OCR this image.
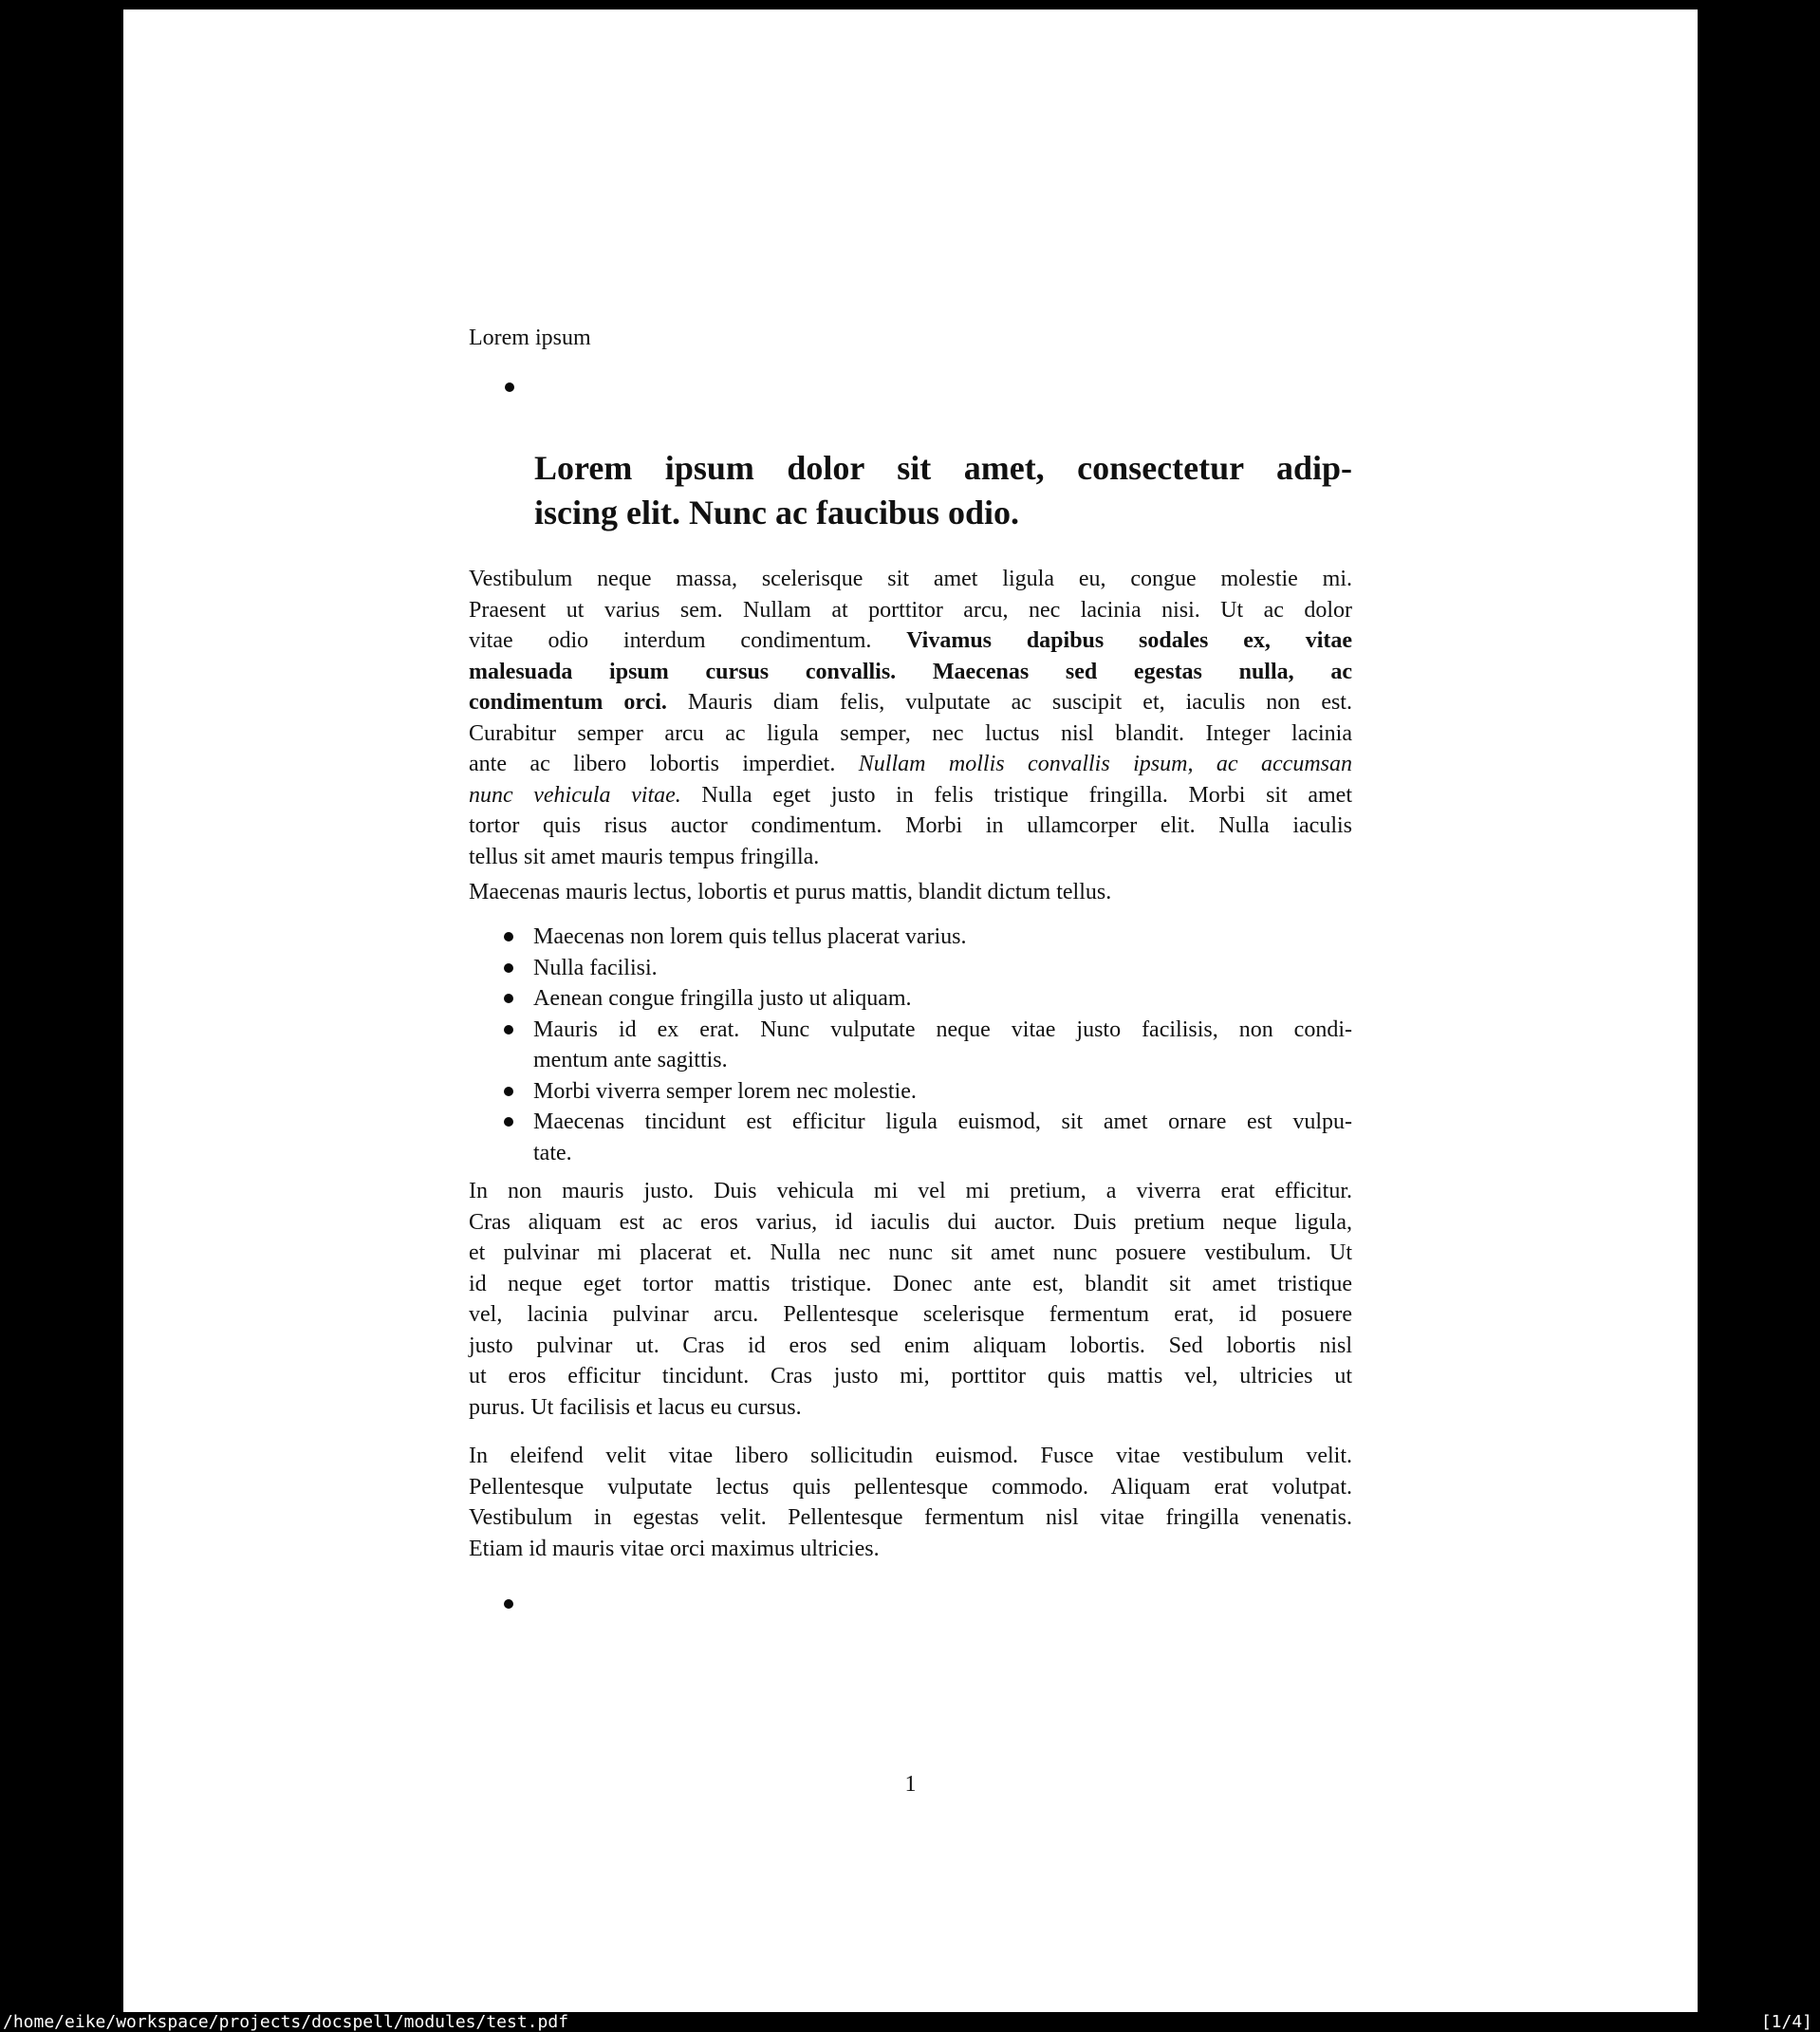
Lorem ipsum
Lorem ipsum dolor sit amet, consectetur adip-
iscing elit. Nunc ac faucibus odio.
Vestibulum neque massa, scelerisque sit amet ligula eu, congue molestie mi.
Praesent ut varius sem. Nullam at porttitor arcu, nec lacinia nisi. Ut ac dolor
vitae odio interdum condimentum. Vivamus dapibus sodales ex, vitae
malesuada ipsum cursus convallis. Maecenas sed egestas nulla, ac
condimentum orci. Mauris diam felis, vulputate ac suscipit et, iaculis non est.
Curabitur semper arcu ac ligula semper, nec luctus nisl blandit. Integer lacinia
ante ac libero lobortis imperdiet. Nullam mollis convallis ipsum, ac accumsan
nunc vehicula vitae. Nulla eget justo in felis tristique fringilla. Morbi sit amet
tortor quis risus auctor condimentum. Morbi in ullamcorper elit. Nulla iaculis
tellus sit amet mauris tempus fringilla.
Maecenas mauris lectus, lobortis et purus mattis, blandit dictum tellus.
Maecenas non lorem quis tellus placerat varius.
Nulla facilisi.
Aenean congue fringilla justo ut aliquam.
Mauris id ex erat. Nunc vulputate neque vitae justo facilisis, non condi-
mentum ante sagittis.
Morbi viverra semper lorem nec molestie.
Maecenas tincidunt est efficitur ligula euismod, sit amet ornare est vulpu-
tate.
In non mauris justo. Duis vehicula mi vel mi pretium, a viverra erat efficitur.
Cras aliquam est ac eros varius, id iaculis dui auctor. Duis pretium neque ligula,
et pulvinar mi placerat et. Nulla nec nunc sit amet nunc posuere vestibulum. Ut
id neque eget tortor mattis tristique. Donec ante est, blandit sit amet tristique
vel, lacinia pulvinar arcu. Pellentesque scelerisque fermentum erat, id posuere
justo pulvinar ut. Cras id eros sed enim aliquam lobortis. Sed lobortis nisl
ut eros efficitur tincidunt. Cras justo mi, porttitor quis mattis vel, ultricies ut
purus. Ut facilisis et lacus eu cursus.
In eleifend velit vitae libero sollicitudin euismod. Fusce vitae vestibulum velit.
Pellentesque vulputate lectus quis pellentesque commodo. Aliquam erat volutpat.
Vestibulum in egestas velit. Pellentesque fermentum nisl vitae fringilla venenatis.
Etiam id mauris vitae orci maximus ultricies.
1
/home/eike/workspace/projects/docspell/modules/test.pdf	[1/4]
